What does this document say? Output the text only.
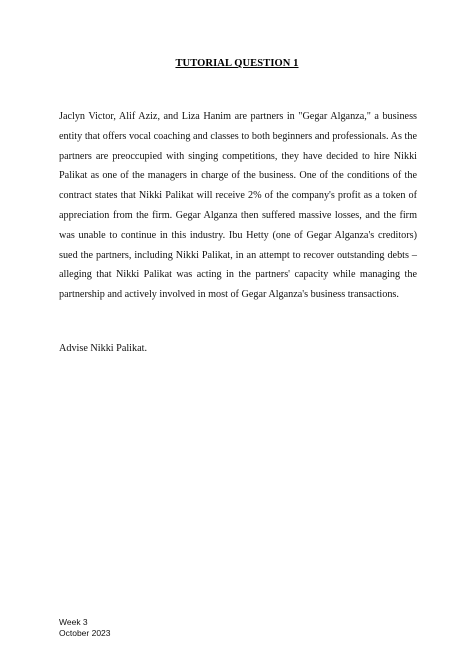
TUTORIAL QUESTION 1

Jaclyn Victor, Alif Aziz, and Liza Hanim are partners in "Gegar Alganza," a business entity that offers vocal coaching and classes to both beginners and professionals. As the partners are preoccupied with singing competitions, they have decided to hire Nikki Palikat as one of the managers in charge of the business. One of the conditions of the contract states that Nikki Palikat will receive 2% of the company's profit as a token of appreciation from the firm. Gegar Alganza then suffered massive losses, and the firm was unable to continue in this industry. Ibu Hetty (one of Gegar Alganza's creditors) sued the partners, including Nikki Palikat, in an attempt to recover outstanding debts – alleging that Nikki Palikat was acting in the partners' capacity while managing the partnership and actively involved in most of Gegar Alganza's business transactions.

Advise Nikki Palikat.

Week 3
October 2023
